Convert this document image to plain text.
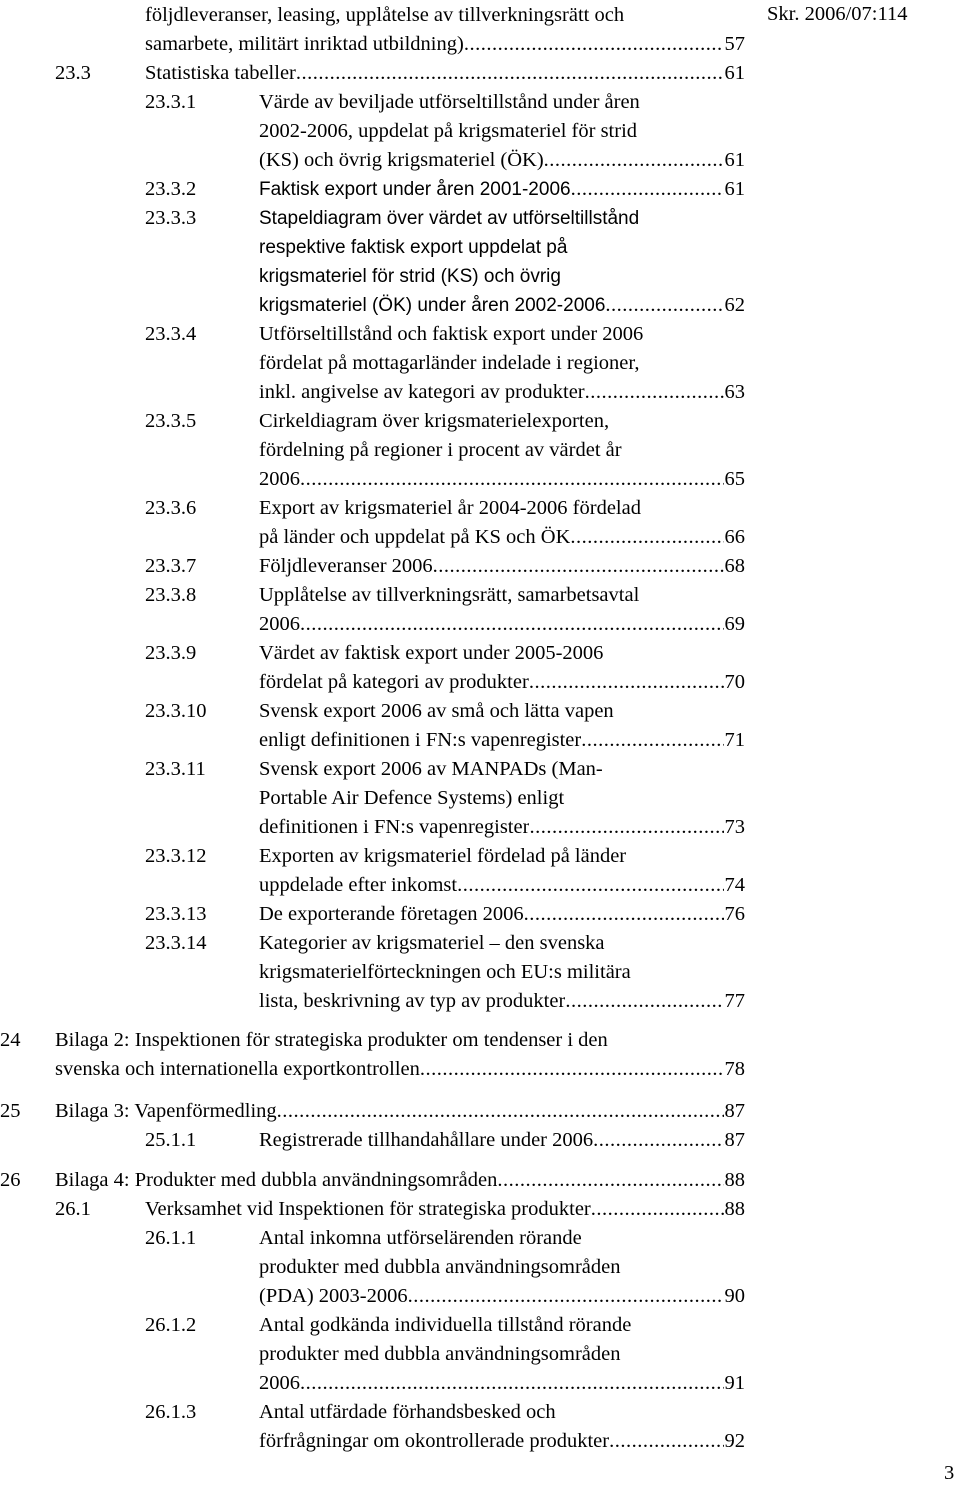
Skr. 2006/07:114
följdleveranser, leasing, upplåtelse av tillverkningsrätt och
samarbete, militärt inriktad utbildning) .....	57
23.3	Statistiska tabeller .....	61
23.3.1	Värde av beviljade utförseltillstånd under åren
2002-2006, uppdelat på krigsmateriel för strid
(KS) och övrig krigsmateriel (ÖK) .....	61
23.3.2	Faktisk export under åren 2001-2006 .....	61
23.3.3	Stapeldiagram över värdet av utförseltillstånd
respektive faktisk export uppdelat på
krigsmateriel för strid (KS) och övrig
krigsmateriel (ÖK) under åren 2002-2006 .....	62
23.3.4	Utförseltillstånd och faktisk export under 2006
fördelat på mottagarländer indelade i regioner,
inkl. angivelse av kategori av produkter .....	63
23.3.5	Cirkeldiagram över krigsmaterielexporten,
fördelning på regioner i procent av värdet år
2006 .....	65
23.3.6	Export av krigsmateriel år 2004-2006 fördelad
på länder och uppdelat på KS och ÖK .....	66
23.3.7	Följdleveranser 2006 .....	68
23.3.8	Upplåtelse av tillverkningsrätt, samarbetsavtal
2006 .....	69
23.3.9	Värdet av faktisk export under 2005-2006
fördelat på kategori av produkter .....	70
23.3.10	Svensk export 2006 av små och lätta vapen
enligt definitionen i FN:s vapenregister .....	71
23.3.11	Svensk export 2006 av MANPADs (Man-
Portable Air Defence Systems) enligt
definitionen i FN:s vapenregister .....	73
23.3.12	Exporten av krigsmateriel fördelad på länder
uppdelade efter inkomst .....	74
23.3.13	De exporterande företagen 2006 .....	76
23.3.14	Kategorier av krigsmateriel – den svenska
krigsmaterielförteckningen och EU:s militära
lista, beskrivning av typ av produkter .....	77
24 Bilaga 2: Inspektionen för strategiska produkter om tendenser i den
svenska och internationella exportkontrollen .....	78
25 Bilaga 3: Vapenförmedling .....	87
25.1.1	Registrerade tillhandahållare under 2006 .....	87
26 Bilaga 4: Produkter med dubbla användningsområden .....	88
26.1	Verksamhet vid Inspektionen för strategiska produkter .....	88
26.1.1	Antal inkomna utförselärenden rörande
produkter med dubbla användningsområden
(PDA) 2003-2006 .....	90
26.1.2	Antal godkända individuella tillstånd rörande
produkter med dubbla användningsområden
2006 .....	91
26.1.3	Antal utfärdade förhandsbesked och
förfrågningar om okontrollerade produkter .....	92
3
